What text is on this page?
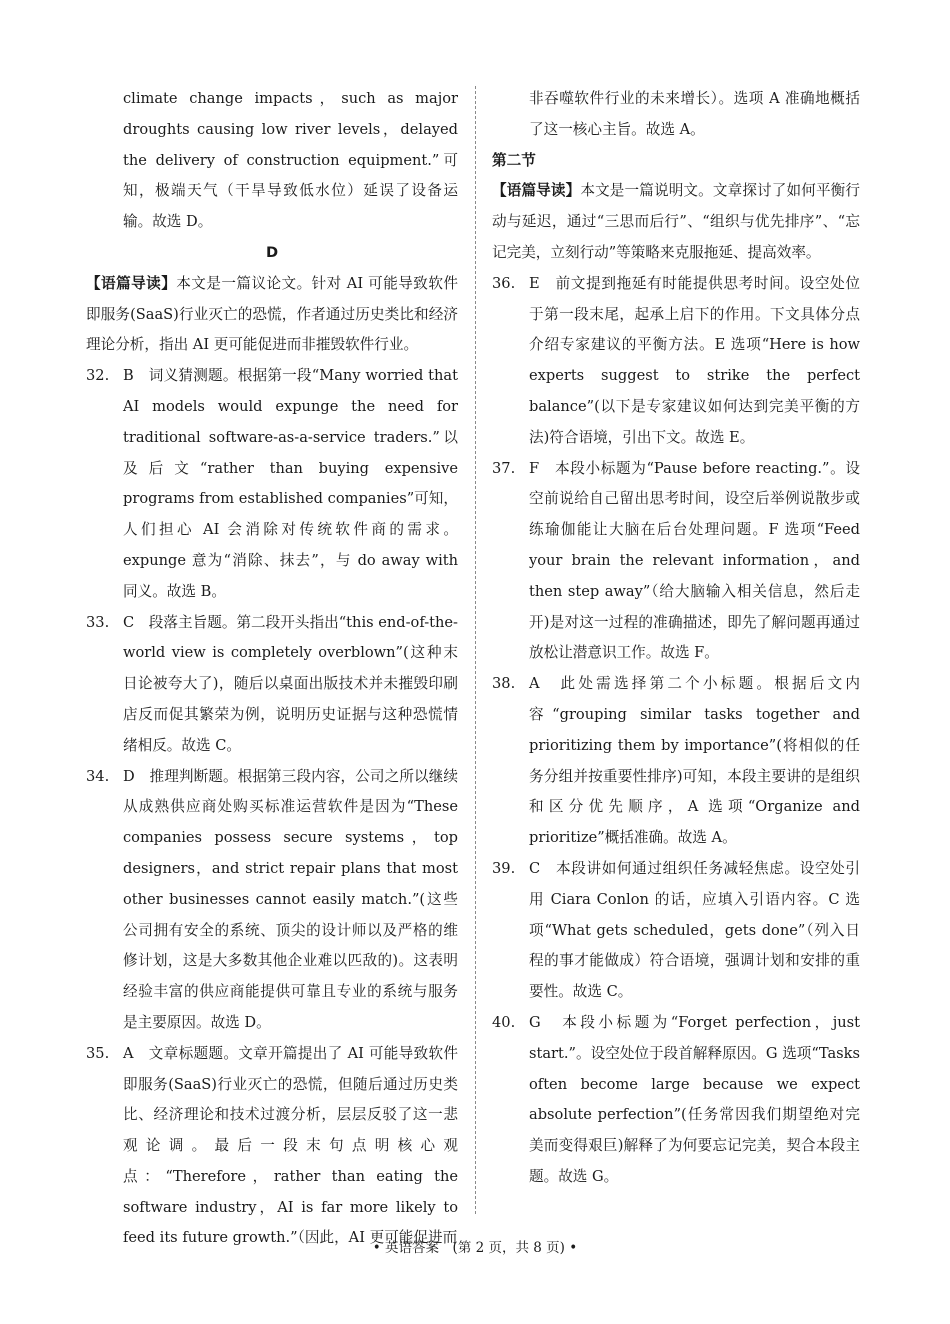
climate change impacts，such as major droughts causing low river levels，delayed the delivery of construction equipment.”可知，极端天气（干旱导致低水位）延误了设备运输。故选 D。

D

【语篇导读】本文是一篇议论文。针对 AI 可能导致软件即服务(SaaS)行业灭亡的恐慌，作者通过历史类比和经济理论分析，指出 AI 更可能促进而非摧毁软件行业。

32. B　词义猜测题。根据第一段“Many worried that AI models would expunge the need for traditional software-as-a-service traders.”以及后文“rather than buying expensive programs from established companies”可知，人们担心 AI 会消除对传统软件商的需求。expunge 意为“消除、抹去”，与 do away with 同义。故选 B。
33. C　段落主旨题。第二段开头指出“this end-of-the-world view is completely overblown”(这种末日论被夸大了)，随后以桌面出版技术并未摧毁印刷店反而促其繁荣为例，说明历史证据与这种恐慌情绪相反。故选 C。
34. D　推理判断题。根据第三段内容，公司之所以继续从成熟供应商处购买标准运营软件是因为“These companies possess secure systems，top designers，and strict repair plans that most other businesses cannot easily match.”(这些公司拥有安全的系统、顶尖的设计师以及严格的维修计划，这是大多数其他企业难以匹敌的)。这表明经验丰富的供应商能提供可靠且专业的系统与服务是主要原因。故选 D。
35. A　文章标题题。文章开篇提出了 AI 可能导致软件即服务(SaaS)行业灭亡的恐慌，但随后通过历史类比、经济理论和技术过渡分析，层层反驳了这一悲观论调。最后一段末句点明核心观点：“Therefore，rather than eating the software industry，AI is far more likely to feed its future growth.”（因此，AI 更可能促进而

非吞噬软件行业的未来增长）。选项 A 准确地概括了这一核心主旨。故选 A。

第二节

【语篇导读】本文是一篇说明文。文章探讨了如何平衡行动与延迟，通过“三思而后行”、“组织与优先排序”、“忘记完美，立刻行动”等策略来克服拖延、提高效率。

36. E　前文提到拖延有时能提供思考时间。设空处位于第一段末尾，起承上启下的作用。下文具体分点介绍专家建议的平衡方法。E 选项“Here is how experts suggest to strike the perfect balance”(以下是专家建议如何达到完美平衡的方法)符合语境，引出下文。故选 E。
37. F　本段小标题为“Pause before reacting.”。设空前说给自己留出思考时间，设空后举例说散步或练瑜伽能让大脑在后台处理问题。F 选项“Feed your brain the relevant information，and then step away”（给大脑输入相关信息，然后走开)是对这一过程的准确描述，即先了解问题再通过放松让潜意识工作。故选 F。
38. A　此处需选择第二个小标题。根据后文内容“grouping similar tasks together and prioritizing them by importance”(将相似的任务分组并按重要性排序)可知，本段主要讲的是组织和区分优先顺序，A 选项“Organize and prioritize”概括准确。故选 A。
39. C　本段讲如何通过组织任务减轻焦虑。设空处引用 Ciara Conlon 的话，应填入引语内容。C 选项“What gets scheduled，gets done”（列入日程的事才能做成）符合语境，强调计划和安排的重要性。故选 C。
40. G　本段小标题为“Forget perfection，just start.”。设空处位于段首解释原因。G 选项“Tasks often become large because we expect absolute perfection”(任务常因我们期望绝对完美而变得艰巨)解释了为何要忘记完美，契合本段主题。故选 G。
• 英语答案　(第 2 页，共 8 页) •
